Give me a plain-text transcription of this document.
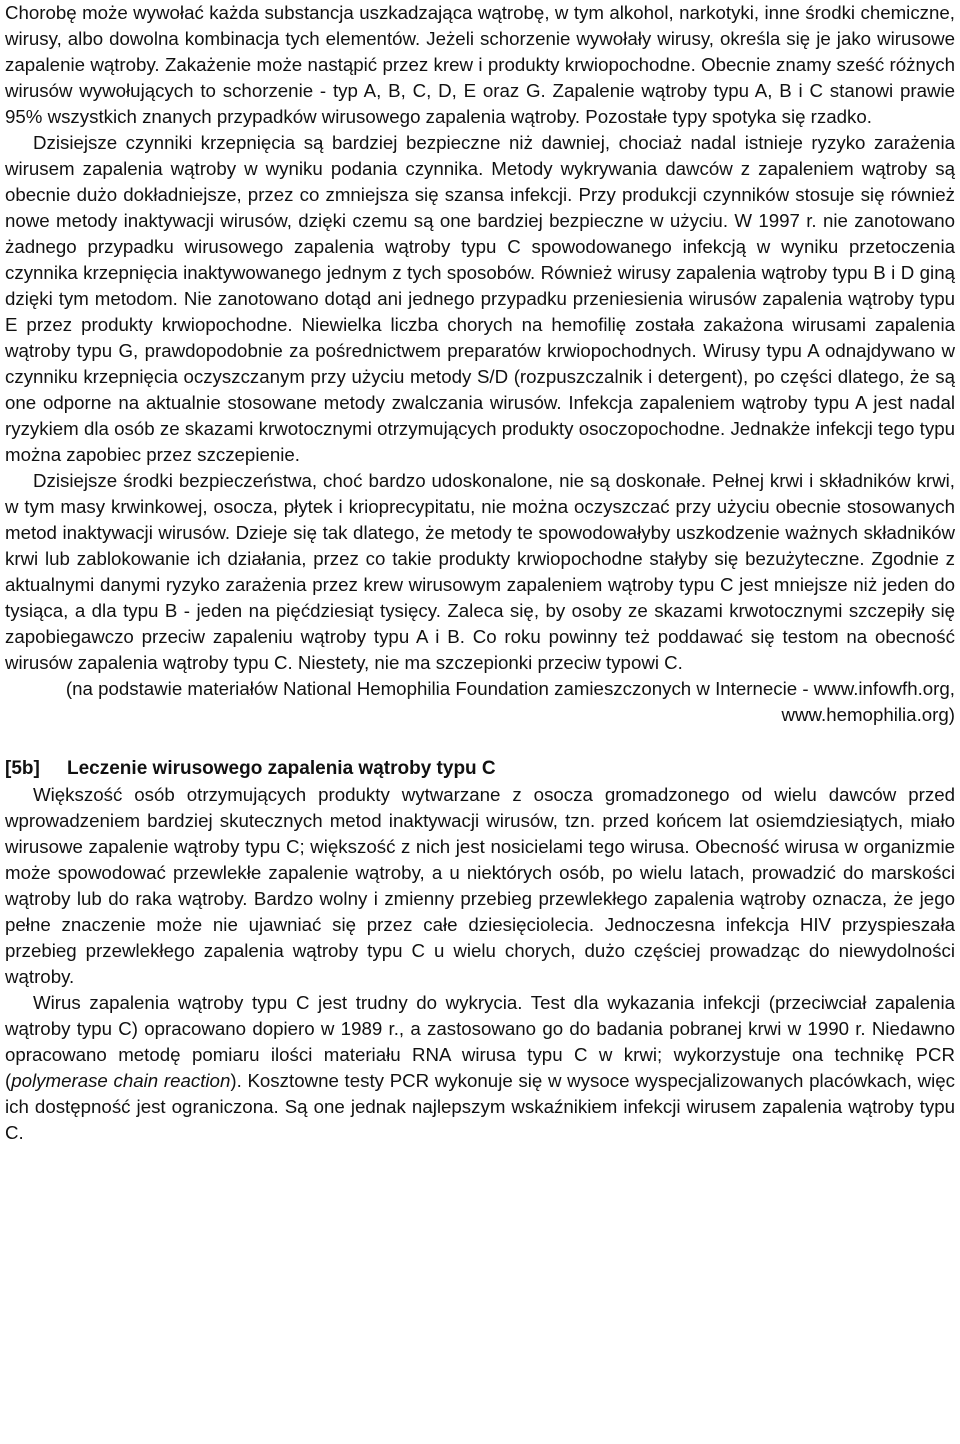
Chorobę może wywołać każda substancja uszkadzająca wątrobę, w tym alkohol, narkotyki, inne środki chemiczne, wirusy, albo dowolna kombinacja tych elementów. Jeżeli schorzenie wywołały wirusy, określa się je jako wirusowe zapalenie wątroby. Zakażenie może nastąpić przez krew i produkty krwiopochodne. Obecnie znamy sześć różnych wirusów wywołujących to schorzenie - typ A, B, C, D, E oraz G. Zapalenie wątroby typu A, B i C stanowi prawie 95% wszystkich znanych przypadków wirusowego zapalenia wątroby. Pozostałe typy spotyka się rzadko.

Dzisiejsze czynniki krzepnięcia są bardziej bezpieczne niż dawniej, chociaż nadal istnieje ryzyko zarażenia wirusem zapalenia wątroby w wyniku podania czynnika. Metody wykrywania dawców z zapaleniem wątroby są obecnie dużo dokładniejsze, przez co zmniejsza się szansa infekcji. Przy produkcji czynników stosuje się również nowe metody inaktywacji wirusów, dzięki czemu są one bardziej bezpieczne w użyciu. W 1997 r. nie zanotowano żadnego przypadku wirusowego zapalenia wątroby typu C spowodowanego infekcją w wyniku przetoczenia czynnika krzepnięcia inaktywowanego jednym z tych sposobów. Również wirusy zapalenia wątroby typu B i D giną dzięki tym metodom. Nie zanotowano dotąd ani jednego przypadku przeniesienia wirusów zapalenia wątroby typu E przez produkty krwiopochodne. Niewielka liczba chorych na hemofilię została zakażona wirusami zapalenia wątroby typu G, prawdopodobnie za pośrednictwem preparatów krwiopochodnych. Wirusy typu A odnajdywano w czynniku krzepnięcia oczyszczanym przy użyciu metody S/D (rozpuszczalnik i detergent), po części dlatego, że są one odporne na aktualnie stosowane metody zwalczania wirusów. Infekcja zapaleniem wątroby typu A jest nadal ryzykiem dla osób ze skazami krwotocznymi otrzymujących produkty osoczopochodne. Jednakże infekcji tego typu można zapobiec przez szczepienie.

Dzisiejsze środki bezpieczeństwa, choć bardzo udoskonalone, nie są doskonałe. Pełnej krwi i składników krwi, w tym masy krwinkowej, osocza, płytek i krioprecypitatu, nie można oczyszczać przy użyciu obecnie stosowanych metod inaktywacji wirusów. Dzieje się tak dlatego, że metody te spowodowałyby uszkodzenie ważnych składników krwi lub zablokowanie ich działania, przez co takie produkty krwiopochodne stałyby się bezużyteczne. Zgodnie z aktualnymi danymi ryzyko zarażenia przez krew wirusowym zapaleniem wątroby typu C jest mniejsze niż jeden do tysiąca, a dla typu B - jeden na pięćdziesiąt tysięcy. Zaleca się, by osoby ze skazami krwotocznymi szczepiły się zapobiegawczo przeciw zapaleniu wątroby typu A i B. Co roku powinny też poddawać się testom na obecność wirusów zapalenia wątroby typu C. Niestety, nie ma szczepionki przeciw typowi C.

(na podstawie materiałów National Hemophilia Foundation zamieszczonych w Internecie - www.infowfh.org, www.hemophilia.org)

[5b] Leczenie wirusowego zapalenia wątroby typu C

Większość osób otrzymujących produkty wytwarzane z osocza gromadzonego od wielu dawców przed wprowadzeniem bardziej skutecznych metod inaktywacji wirusów, tzn. przed końcem lat osiemdziesiątych, miało wirusowe zapalenie wątroby typu C; większość z nich jest nosicielami tego wirusa. Obecność wirusa w organizmie może spowodować przewlekłe zapalenie wątroby, a u niektórych osób, po wielu latach, prowadzić do marskości wątroby lub do raka wątroby. Bardzo wolny i zmienny przebieg przewlekłego zapalenia wątroby oznacza, że jego pełne znaczenie może nie ujawniać się przez całe dziesięciolecia. Jednoczesna infekcja HIV przyspieszała przebieg przewlekłego zapalenia wątroby typu C u wielu chorych, dużo częściej prowadząc do niewydolności wątroby.

Wirus zapalenia wątroby typu C jest trudny do wykrycia. Test dla wykazania infekcji (przeciwciał zapalenia wątroby typu C) opracowano dopiero w 1989 r., a zastosowano go do badania pobranej krwi w 1990 r. Niedawno opracowano metodę pomiaru ilości materiału RNA wirusa typu C w krwi; wykorzystuje ona technikę PCR (polymerase chain reaction). Kosztowne testy PCR wykonuje się w wysoce wyspecjalizowanych placówkach, więc ich dostępność jest ograniczona. Są one jednak najlepszym wskaźnikiem infekcji wirusem zapalenia wątroby typu C.
